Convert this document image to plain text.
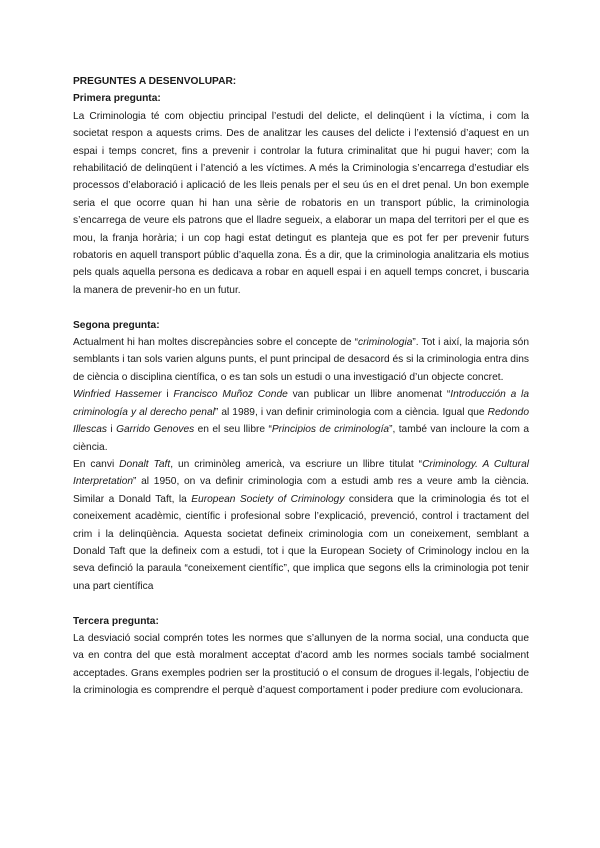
PREGUNTES A DESENVOLUPAR:
Primera pregunta:

La Criminologia té com objectiu principal l’estudi del delicte, el delinqüent i la víctima, i com la societat respon a aquests crims. Des de analitzar les causes del delicte i l’extensió d’aquest en un espai i temps concret, fins a prevenir i controlar la futura criminalitat que hi pugui haver; com la rehabilitació de delinqüent i l’atenció a les víctimes. A més la Criminologia s’encarrega d’estudiar els processos d’elaboració i aplicació de les lleis penals per el seu ús en el dret penal. Un bon exemple seria el que ocorre quan hi han una sèrie de robatoris en un transport públic, la criminologia s’encarrega de veure els patrons que el lladre segueix, a elaborar un mapa del territori per el que es mou, la franja horària; i un cop hagi estat detingut es planteja que es pot fer per prevenir futurs robatoris en aquell transport públic d’aquella zona. És a dir, que la criminologia analitzaria els motius pels quals aquella persona es dedicava a robar en aquell espai i en aquell temps concret, i buscaria la manera de prevenir-ho en un futur.

Segona pregunta:

Actualment hi han moltes discrepàncies sobre el concepte de “criminologia”. Tot i així, la majoria són semblants i tan sols varien alguns punts, el punt principal de desacord és si la criminologia entra dins de ciència o disciplina científica, o es tan sols un estudi o una investigació d’un objecte concret.

Winfried Hassemer i Francisco Muñoz Conde van publicar un llibre anomenat “Introducción a la criminología y al derecho penal” al 1989, i van definir criminologia com a ciència. Igual que Redondo Illescas i Garrido Genoves en el seu llibre “Principios de criminología”, també van incloure la com a ciència.

En canvi Donalt Taft, un criminòleg americà, va escriure un llibre titulat “Criminology. A Cultural Interpretation” al 1950, on va definir criminologia com a estudi amb res a veure amb la ciència. Similar a Donald Taft, la European Society of Criminology considera que la criminologia és tot el coneixement acadèmic, científic i profesional sobre l’explicació, prevenció, control i tractament del crim i la delinqüència. Aquesta societat defineix criminologia com un coneixement, semblant a Donald Taft que la defineix com a estudi, tot i que la European Society of Criminology inclou en la seva definció la paraula “coneixement científic”, que implica que segons ells la criminologia pot tenir una part científica

Tercera pregunta:

La desviació social comprén totes les normes que s’allunyen de la norma social, una conducta que va en contra del que està moralment acceptat d’acord amb les normes socials també socialment acceptades. Grans exemples podrien ser la prostitució o el consum de drogues il·legals, l’objectiu de la criminologia es comprendre el perquè d’aquest comportament i poder prediure com evolucionara.
